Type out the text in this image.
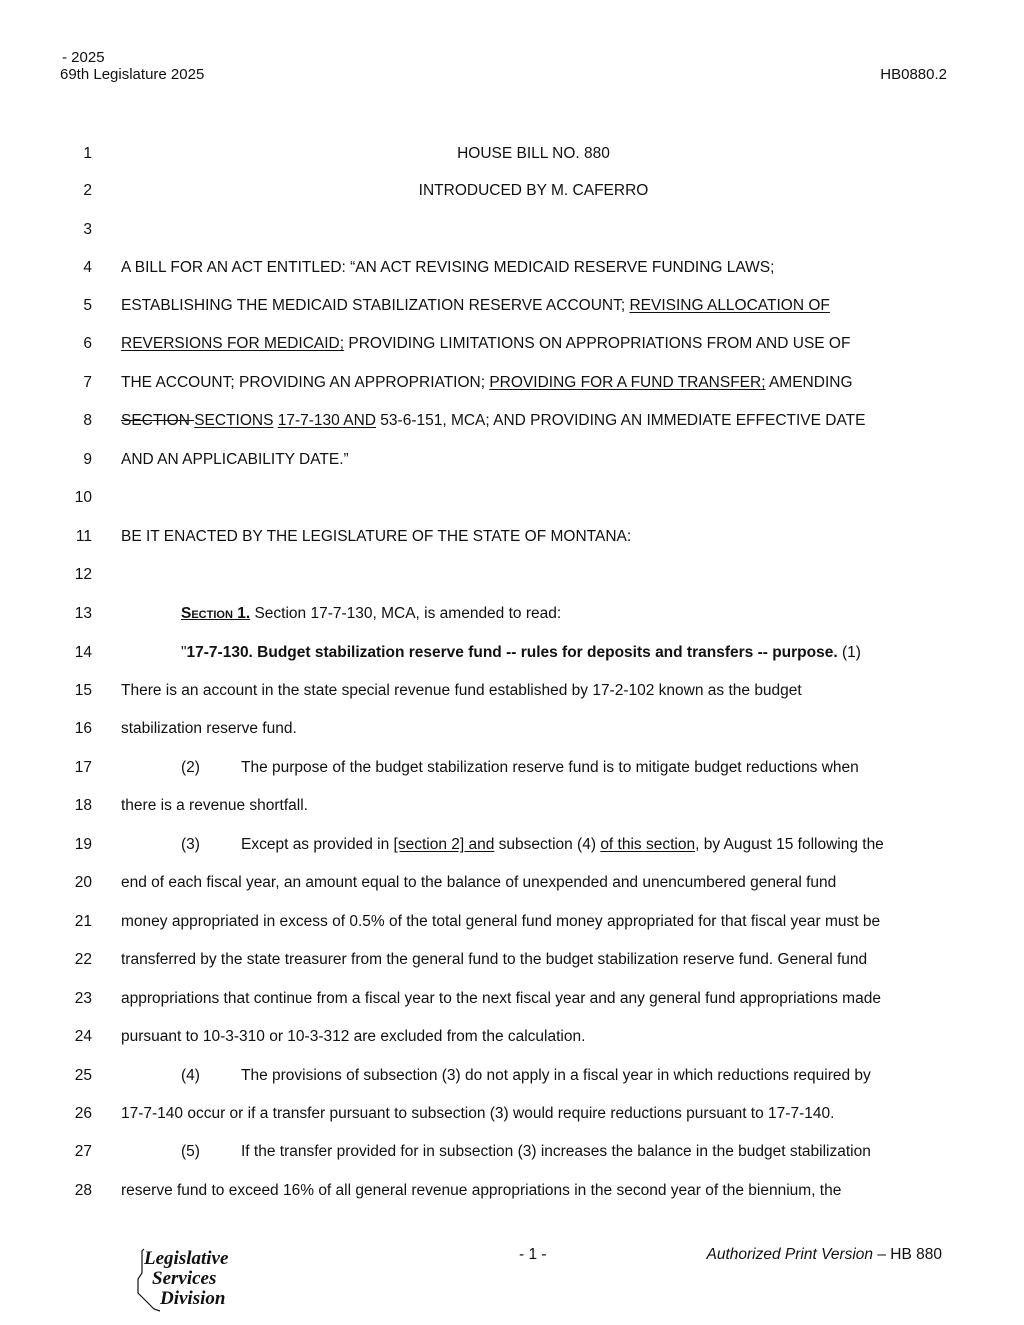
- 2025
69th Legislature 2025	HB0880.2
1
2
3
4
5
6
7
8
9
10
11
12
13
14
15
16
17
18
19
20
21
22
23
24
25
26
27
28
HOUSE BILL NO. 880
INTRODUCED BY M. CAFERRO
A BILL FOR AN ACT ENTITLED: “AN ACT REVISING MEDICAID RESERVE FUNDING LAWS;
ESTABLISHING THE MEDICAID STABILIZATION RESERVE ACCOUNT; REVISING ALLOCATION OF
REVERSIONS FOR MEDICAID; PROVIDING LIMITATIONS ON APPROPRIATIONS FROM AND USE OF
THE ACCOUNT; PROVIDING AN APPROPRIATION; PROVIDING FOR A FUND TRANSFER; AMENDING
SECTION SECTIONS 17-7-130 AND 53-6-151, MCA; AND PROVIDING AN IMMEDIATE EFFECTIVE DATE
AND AN APPLICABILITY DATE.”
BE IT ENACTED BY THE LEGISLATURE OF THE STATE OF MONTANA:
Section 1. Section 17-7-130, MCA, is amended to read:
"17-7-130. Budget stabilization reserve fund -- rules for deposits and transfers -- purpose. (1)
There is an account in the state special revenue fund established by 17-2-102 known as the budget
stabilization reserve fund.
(2)	The purpose of the budget stabilization reserve fund is to mitigate budget reductions when
there is a revenue shortfall.
(3)	Except as provided in [section 2] and subsection (4) of this section, by August 15 following the
end of each fiscal year, an amount equal to the balance of unexpended and unencumbered general fund
money appropriated in excess of 0.5% of the total general fund money appropriated for that fiscal year must be
transferred by the state treasurer from the general fund to the budget stabilization reserve fund. General fund
appropriations that continue from a fiscal year to the next fiscal year and any general fund appropriations made
pursuant to 10-3-310 or 10-3-312 are excluded from the calculation.
(4)	The provisions of subsection (3) do not apply in a fiscal year in which reductions required by
17-7-140 occur or if a transfer pursuant to subsection (3) would require reductions pursuant to 17-7-140.
(5)	If the transfer provided for in subsection (3) increases the balance in the budget stabilization
reserve fund to exceed 16% of all general revenue appropriations in the second year of the biennium, the
Legislative
Services
Division
- 1 -	Authorized Print Version – HB 880
